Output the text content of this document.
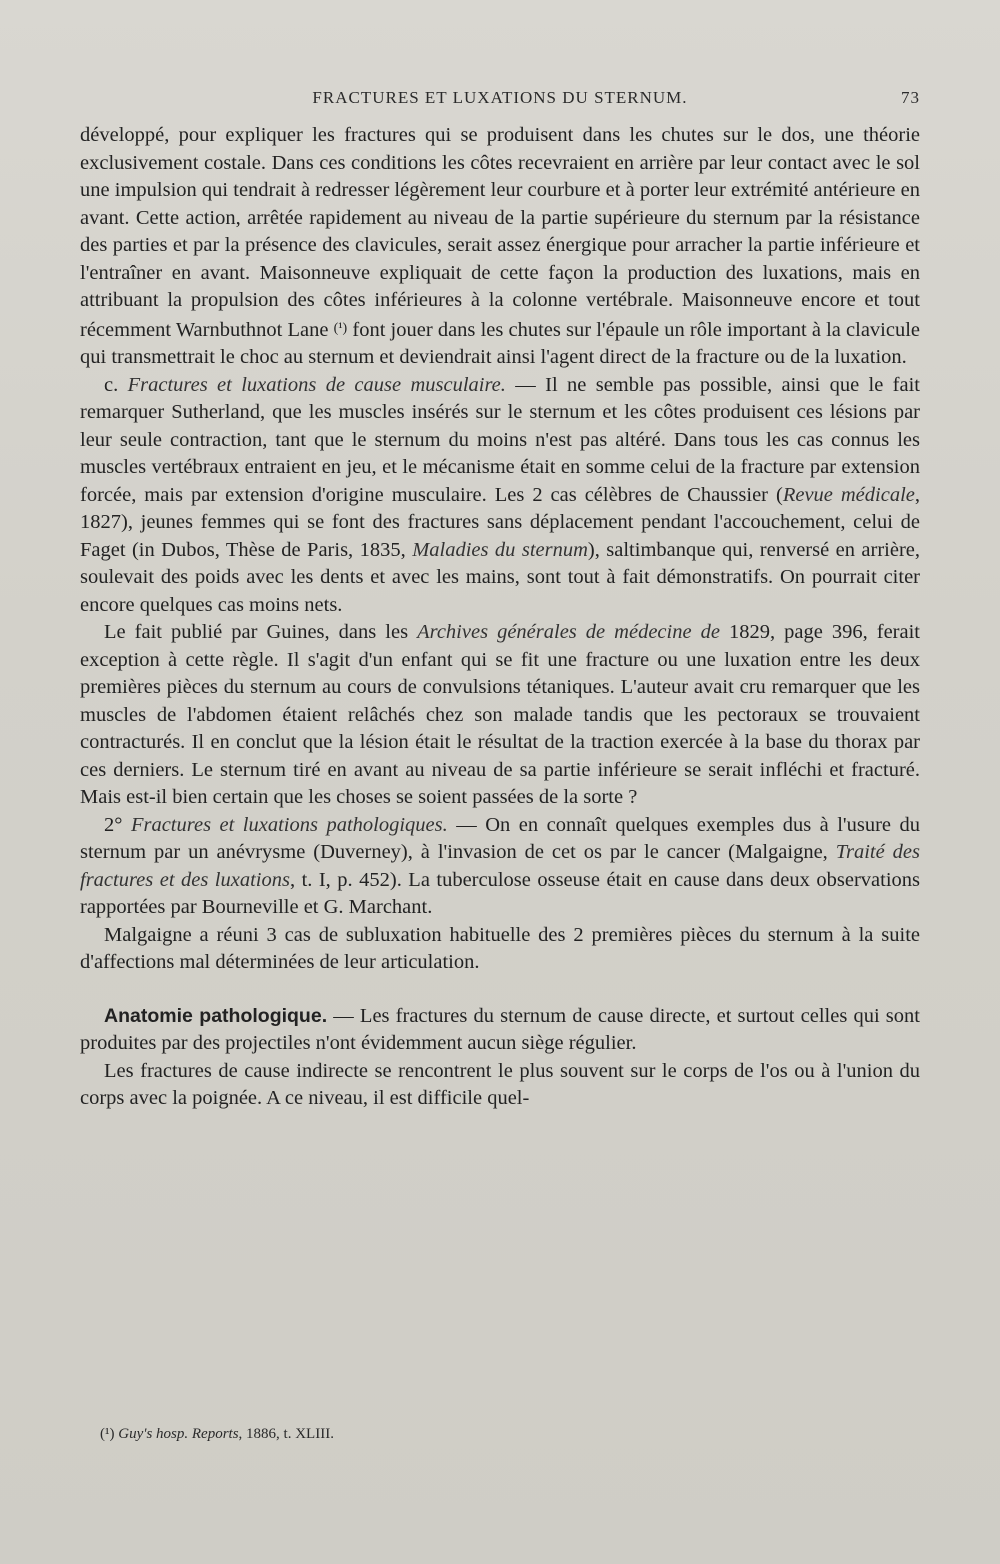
FRACTURES ET LUXATIONS DU STERNUM.	73

développé, pour expliquer les fractures qui se produisent dans les chutes sur le dos, une théorie exclusivement costale. Dans ces conditions les côtes recevraient en arrière par leur contact avec le sol une impulsion qui tendrait à redresser légèrement leur courbure et à porter leur extrémité antérieure en avant. Cette action, arrêtée rapidement au niveau de la partie supérieure du sternum par la résistance des parties et par la présence des clavicules, serait assez énergique pour arracher la partie inférieure et l'entraîner en avant. Maisonneuve expliquait de cette façon la production des luxations, mais en attribuant la propulsion des côtes inférieures à la colonne vertébrale. Maisonneuve encore et tout récemment Warnbuthnot Lane (¹) font jouer dans les chutes sur l'épaule un rôle important à la clavicule qui transmettrait le choc au sternum et deviendrait ainsi l'agent direct de la fracture ou de la luxation.

c. Fractures et luxations de cause musculaire. — Il ne semble pas possible, ainsi que le fait remarquer Sutherland, que les muscles insérés sur le sternum et les côtes produisent ces lésions par leur seule contraction, tant que le sternum du moins n'est pas altéré. Dans tous les cas connus les muscles vertébraux entraient en jeu, et le mécanisme était en somme celui de la fracture par extension forcée, mais par extension d'origine musculaire. Les 2 cas célèbres de Chaussier (Revue médicale, 1827), jeunes femmes qui se font des fractures sans déplacement pendant l'accouchement, celui de Faget (in Dubos, Thèse de Paris, 1835, Maladies du sternum), saltimbanque qui, renversé en arrière, soulevait des poids avec les dents et avec les mains, sont tout à fait démonstratifs. On pourrait citer encore quelques cas moins nets.

Le fait publié par Guines, dans les Archives générales de médecine de 1829, page 396, ferait exception à cette règle. Il s'agit d'un enfant qui se fit une fracture ou une luxation entre les deux premières pièces du sternum au cours de convulsions tétaniques. L'auteur avait cru remarquer que les muscles de l'abdomen étaient relâchés chez son malade tandis que les pectoraux se trouvaient contracturés. Il en conclut que la lésion était le résultat de la traction exercée à la base du thorax par ces derniers. Le sternum tiré en avant au niveau de sa partie inférieure se serait infléchi et fracturé. Mais est-il bien certain que les choses se soient passées de la sorte ?

2° Fractures et luxations pathologiques. — On en connaît quelques exemples dus à l'usure du sternum par un anévrysme (Duverney), à l'invasion de cet os par le cancer (Malgaigne, Traité des fractures et des luxations, t. I, p. 452). La tuberculose osseuse était en cause dans deux observations rapportées par Bourneville et G. Marchant.

Malgaigne a réuni 3 cas de subluxation habituelle des 2 premières pièces du sternum à la suite d'affections mal déterminées de leur articulation.

Anatomie pathologique. — Les fractures du sternum de cause directe, et surtout celles qui sont produites par des projectiles n'ont évidemment aucun siège régulier.

Les fractures de cause indirecte se rencontrent le plus souvent sur le corps de l'os ou à l'union du corps avec la poignée. A ce niveau, il est difficile quel-

(¹) Guy's hosp. Reports, 1886, t. XLIII.
